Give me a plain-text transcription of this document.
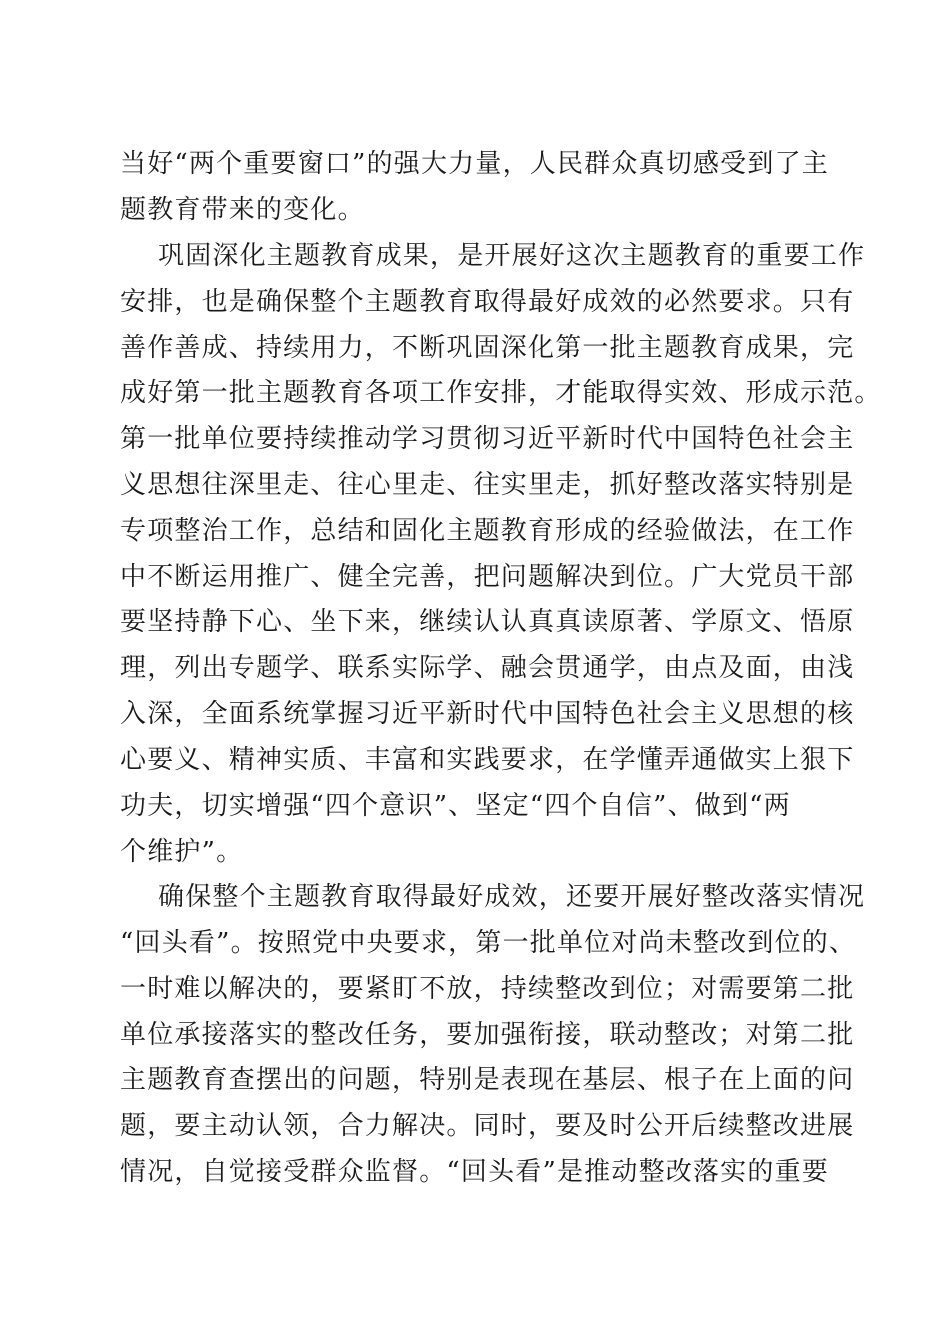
当好“两个重要窗口”的强大力量，人民群众真切感受到了主
题教育带来的变化。
巩固深化主题教育成果，是开展好这次主题教育的重要工作
安排，也是确保整个主题教育取得最好成效的必然要求。只有
善作善成、持续用力，不断巩固深化第一批主题教育成果，完
成好第一批主题教育各项工作安排，才能取得实效、形成示范。
第一批单位要持续推动学习贯彻习近平新时代中国特色社会主
义思想往深里走、往心里走、往实里走，抓好整改落实特别是
专项整治工作，总结和固化主题教育形成的经验做法，在工作
中不断运用推广、健全完善，把问题解决到位。广大党员干部
要坚持静下心、坐下来，继续认认真真读原著、学原文、悟原
理，列出专题学、联系实际学、融会贯通学，由点及面，由浅
入深，全面系统掌握习近平新时代中国特色社会主义思想的核
心要义、精神实质、丰富和实践要求，在学懂弄通做实上狠下
功夫，切实增强“四个意识”、坚定“四个自信”、做到“两
个维护”。
确保整个主题教育取得最好成效，还要开展好整改落实情况
“回头看”。按照党中央要求，第一批单位对尚未整改到位的、
一时难以解决的，要紧盯不放，持续整改到位；对需要第二批
单位承接落实的整改任务，要加强衔接，联动整改；对第二批
主题教育查摆出的问题，特别是表现在基层、根子在上面的问
题，要主动认领，合力解决。同时，要及时公开后续整改进展
情况，自觉接受群众监督。“回头看”是推动整改落实的重要
